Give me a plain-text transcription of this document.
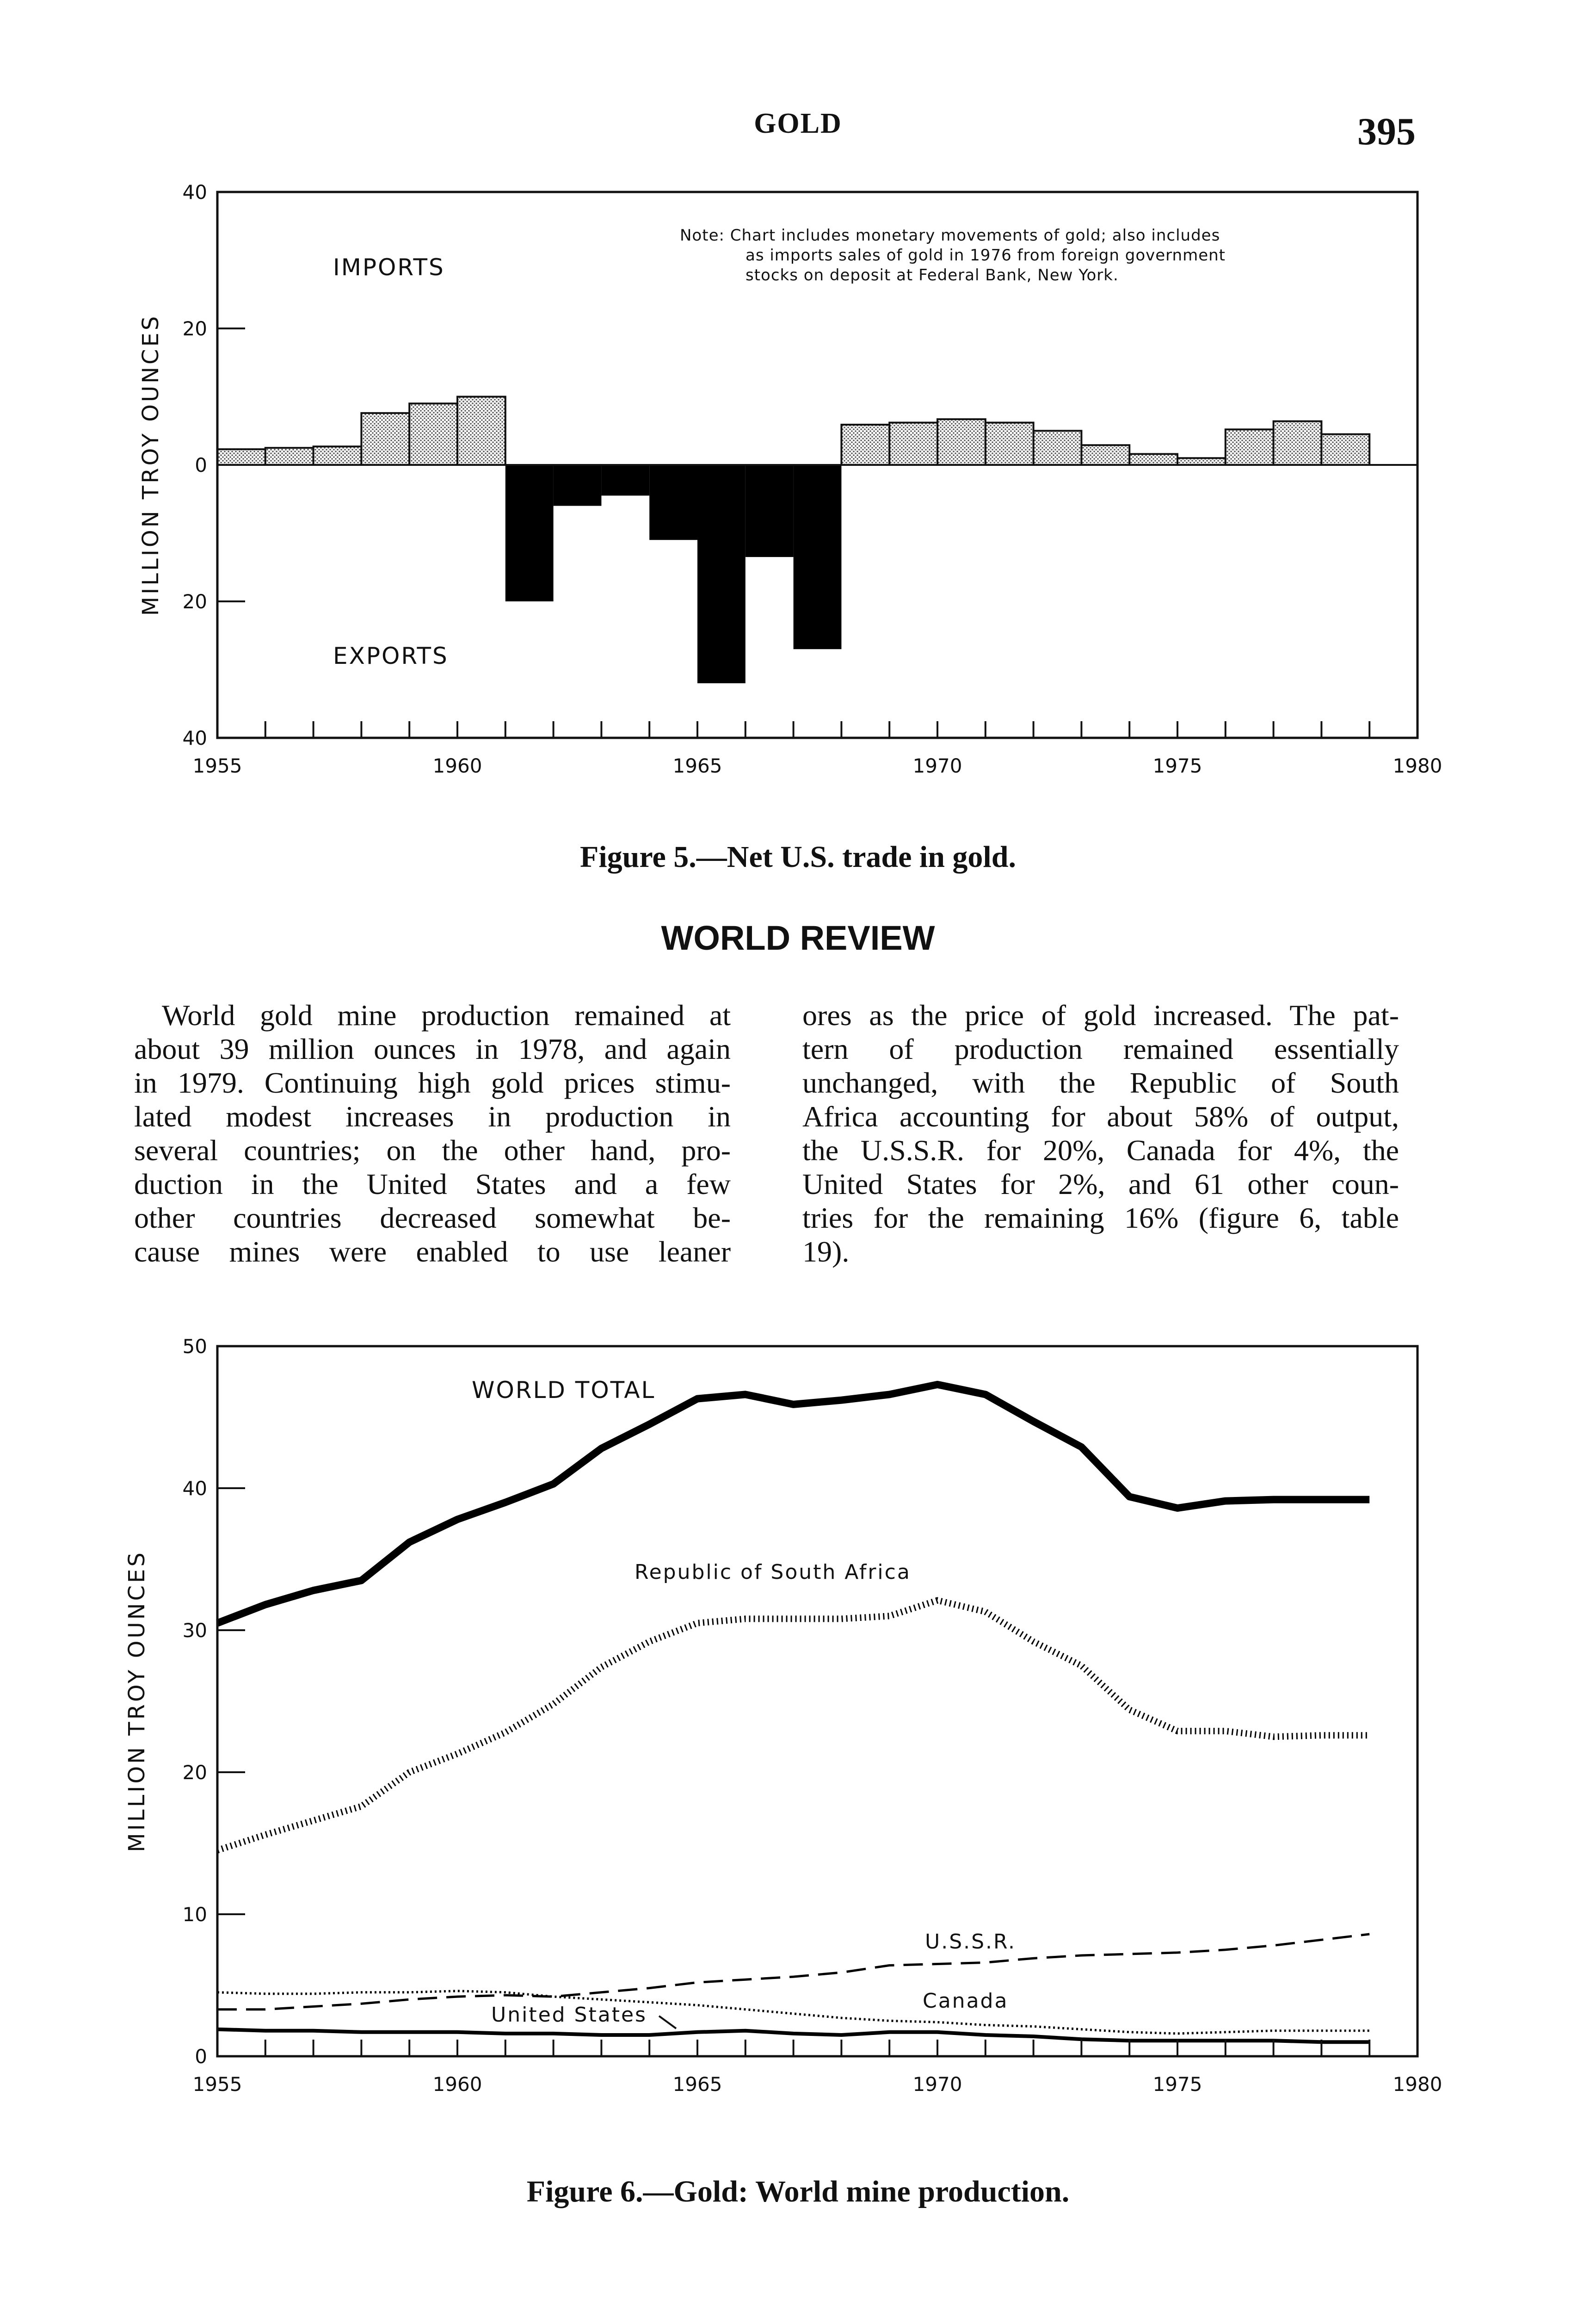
GOLD	395
40
20
0
20
40
1955	1960	1965	1970	1975	1980
MILLION TROY OUNCES
IMPORTS
EXPORTS
Note: Chart includes monetary movements of gold; also includes
as imports sales of gold in 1976 from foreign government
stocks on deposit at Federal Bank, New York.
Figure 5.—Net U.S. trade in gold.
WORLD REVIEW
World gold mine production remained at
about 39 million ounces in 1978, and again
in 1979. Continuing high gold prices stimu-
lated modest increases in production in
several countries; on the other hand, pro-
duction in the United States and a few
other countries decreased somewhat be-
cause mines were enabled to use leaner
ores as the price of gold increased. The pat-
tern of production remained essentially
unchanged, with the Republic of South
Africa accounting for about 58% of output,
the U.S.S.R. for 20%, Canada for 4%, the
United States for 2%, and 61 other coun-
tries for the remaining 16% (figure 6, table
19).
0
10
20
30
40
50
1955	1960	1965	1970	1975	1980
MILLION TROY OUNCES
WORLD TOTAL
Republic of South Africa
U.S.S.R.
Canada
United States
Figure 6.—Gold: World mine production.
